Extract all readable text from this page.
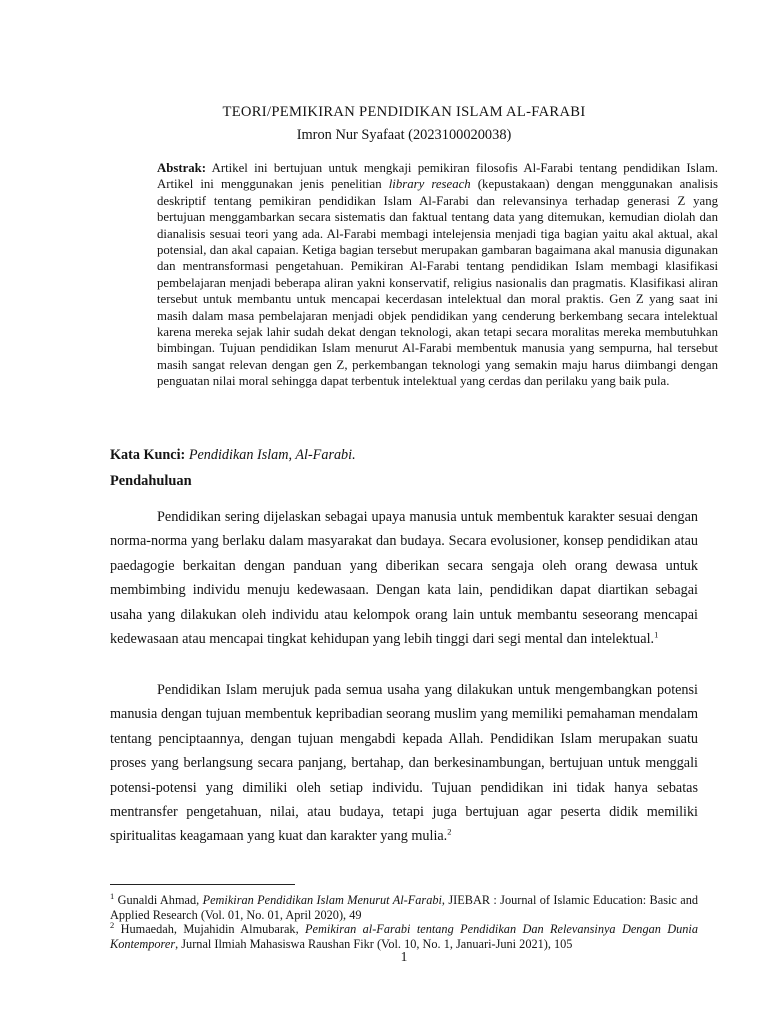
TEORI/PEMIKIRAN PENDIDIKAN ISLAM AL-FARABI
Imron Nur Syafaat (2023100020038)

Abstrak: Artikel ini bertujuan untuk mengkaji pemikiran filosofis Al-Farabi tentang pendidikan Islam. Artikel ini menggunakan jenis penelitian library reseach (kepustakaan) dengan menggunakan analisis deskriptif tentang pemikiran pendidikan Islam Al-Farabi dan relevansinya terhadap generasi Z yang bertujuan menggambarkan secara sistematis dan faktual tentang data yang ditemukan, kemudian diolah dan dianalisis sesuai teori yang ada. Al-Farabi membagi intelejensia menjadi tiga bagian yaitu akal aktual, akal potensial, dan akal capaian. Ketiga bagian tersebut merupakan gambaran bagaimana akal manusia digunakan dan mentransformasi pengetahuan. Pemikiran Al-Farabi tentang pendidikan Islam membagi klasifikasi pembelajaran menjadi beberapa aliran yakni konservatif, religius nasionalis dan pragmatis. Klasifikasi aliran tersebut untuk membantu untuk mencapai kecerdasan intelektual dan moral praktis. Gen Z yang saat ini masih dalam masa pembelajaran menjadi objek pendidikan yang cenderung berkembang secara intelektual karena mereka sejak lahir sudah dekat dengan teknologi, akan tetapi secara moralitas mereka membutuhkan bimbingan. Tujuan pendidikan Islam menurut Al-Farabi membentuk manusia yang sempurna, hal tersebut masih sangat relevan dengan gen Z, perkembangan teknologi yang semakin maju harus diimbangi dengan penguatan nilai moral sehingga dapat terbentuk intelektual yang cerdas dan perilaku yang baik pula.

Kata Kunci: Pendidikan Islam, Al-Farabi.
Pendahuluan

Pendidikan sering dijelaskan sebagai upaya manusia untuk membentuk karakter sesuai dengan norma-norma yang berlaku dalam masyarakat dan budaya. Secara evolusioner, konsep pendidikan atau paedagogie berkaitan dengan panduan yang diberikan secara sengaja oleh orang dewasa untuk membimbing individu menuju kedewasaan. Dengan kata lain, pendidikan dapat diartikan sebagai usaha yang dilakukan oleh individu atau kelompok orang lain untuk membantu seseorang mencapai kedewasaan atau mencapai tingkat kehidupan yang lebih tinggi dari segi mental dan intelektual.$^1$

Pendidikan Islam merujuk pada semua usaha yang dilakukan untuk mengembangkan potensi manusia dengan tujuan membentuk kepribadian seorang muslim yang memiliki pemahaman mendalam tentang penciptaannya, dengan tujuan mengabdi kepada Allah. Pendidikan Islam merupakan suatu proses yang berlangsung secara panjang, bertahap, dan berkesinambungan, bertujuan untuk menggali potensi-potensi yang dimiliki oleh setiap individu. Tujuan pendidikan ini tidak hanya sebatas mentransfer pengetahuan, nilai, atau budaya, tetapi juga bertujuan agar peserta didik memiliki spiritualitas keagamaan yang kuat dan karakter yang mulia.$^2$

$^1$ Gunaldi Ahmad, Pemikiran Pendidikan Islam Menurut Al-Farabi, JIEBAR : Journal of Islamic Education: Basic and Applied Research (Vol. 01, No. 01, April 2020), 49

$^2$ Humaedah, Mujahidin Almubarak, Pemikiran al-Farabi tentang Pendidikan Dan Relevansinya Dengan Dunia Kontemporer, Jurnal Ilmiah Mahasiswa Raushan Fikr (Vol. 10, No. 1, Januari-Juni 2021), 105

1
